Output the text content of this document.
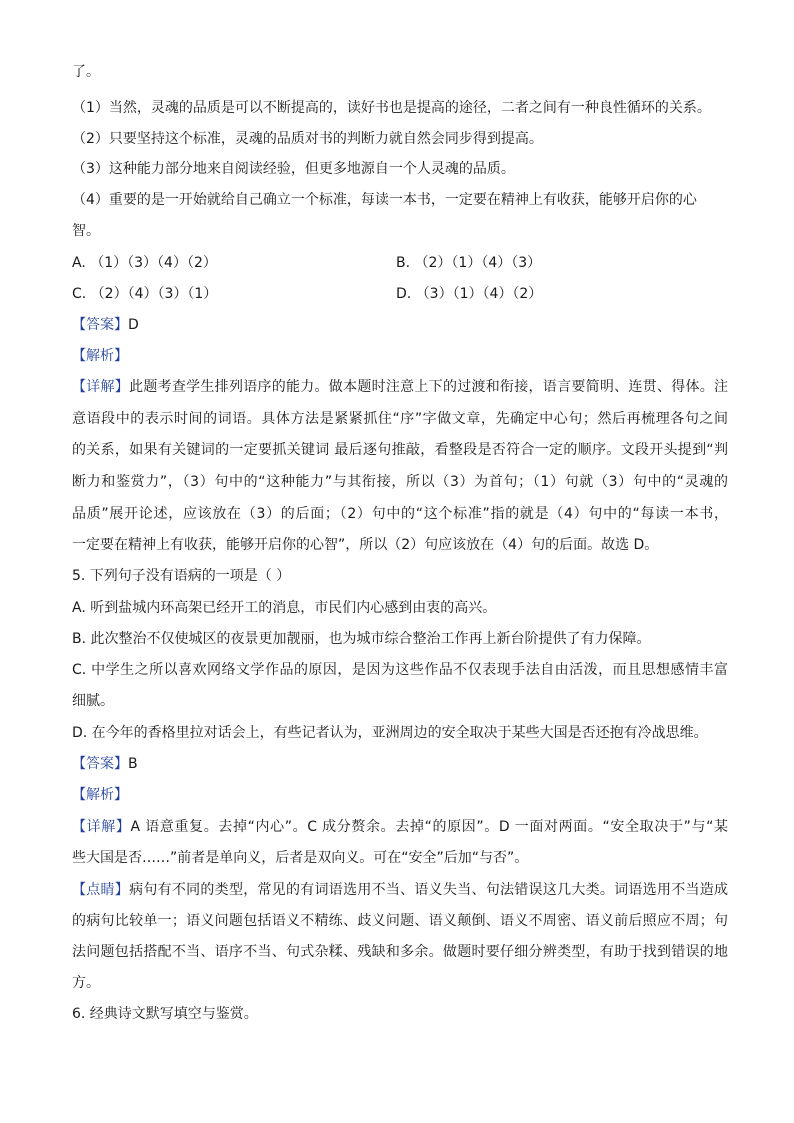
了。
（1）当然，灵魂的品质是可以不断提高的，读好书也是提高的途径，二者之间有一种良性循环的关系。
（2）只要坚持这个标准，灵魂的品质对书的判断力就自然会同步得到提高。
（3）这种能力部分地来自阅读经验，但更多地源自一个人灵魂的品质。
（4）重要的是一开始就给自己确立一个标准，每读一本书，一定要在精神上有收获，能够开启你的心
智。
A. （1）（3）（4）（2）	B. （2）（1）（4）（3）
C. （2）（4）（3）（1）	D. （3）（1）（4）（2）
【答案】D
【解析】
【详解】此题考查学生排列语序的能力。做本题时注意上下的过渡和衔接，语言要简明、连贯、得体。注
意语段中的表示时间的词语。具体方法是紧紧抓住“序”字做文章，先确定中心句；然后再梳理各句之间
的关系，如果有关键词的一定要抓关键词 最后逐句推敲，看整段是否符合一定的顺序。文段开头提到“判
断力和鉴赏力”，（3）句中的“这种能力”与其衔接，所以（3）为首句；（1）句就（3）句中的“灵魂的
品质”展开论述，应该放在（3）的后面；（2）句中的“这个标准”指的就是（4）句中的“每读一本书，
一定要在精神上有收获，能够开启你的心智”，所以（2）句应该放在（4）句的后面。故选 D。
5. 下列句子没有语病的一项是（ ）
A. 听到盐城内环高架已经开工的消息，市民们内心感到由衷的高兴。
B. 此次整治不仅使城区的夜景更加靓丽，也为城市综合整治工作再上新台阶提供了有力保障。
C. 中学生之所以喜欢网络文学作品的原因，是因为这些作品不仅表现手法自由活泼，而且思想感情丰富
细腻。
D. 在今年的香格里拉对话会上，有些记者认为，亚洲周边的安全取决于某些大国是否还抱有冷战思维。
【答案】B
【解析】
【详解】A 语意重复。去掉“内心”。C 成分赘余。去掉“的原因”。D 一面对两面。“安全取决于”与“某
些大国是否……”前者是单向义，后者是双向义。可在“安全”后加“与否”。
【点睛】病句有不同的类型，常见的有词语选用不当、语义失当、句法错误这几大类。词语选用不当造成
的病句比较单一；语义问题包括语义不精练、歧义问题、语义颠倒、语义不周密、语义前后照应不周；句
法问题包括搭配不当、语序不当、句式杂糅、残缺和多余。做题时要仔细分辨类型，有助于找到错误的地
方。
6. 经典诗文默写填空与鉴赏。
